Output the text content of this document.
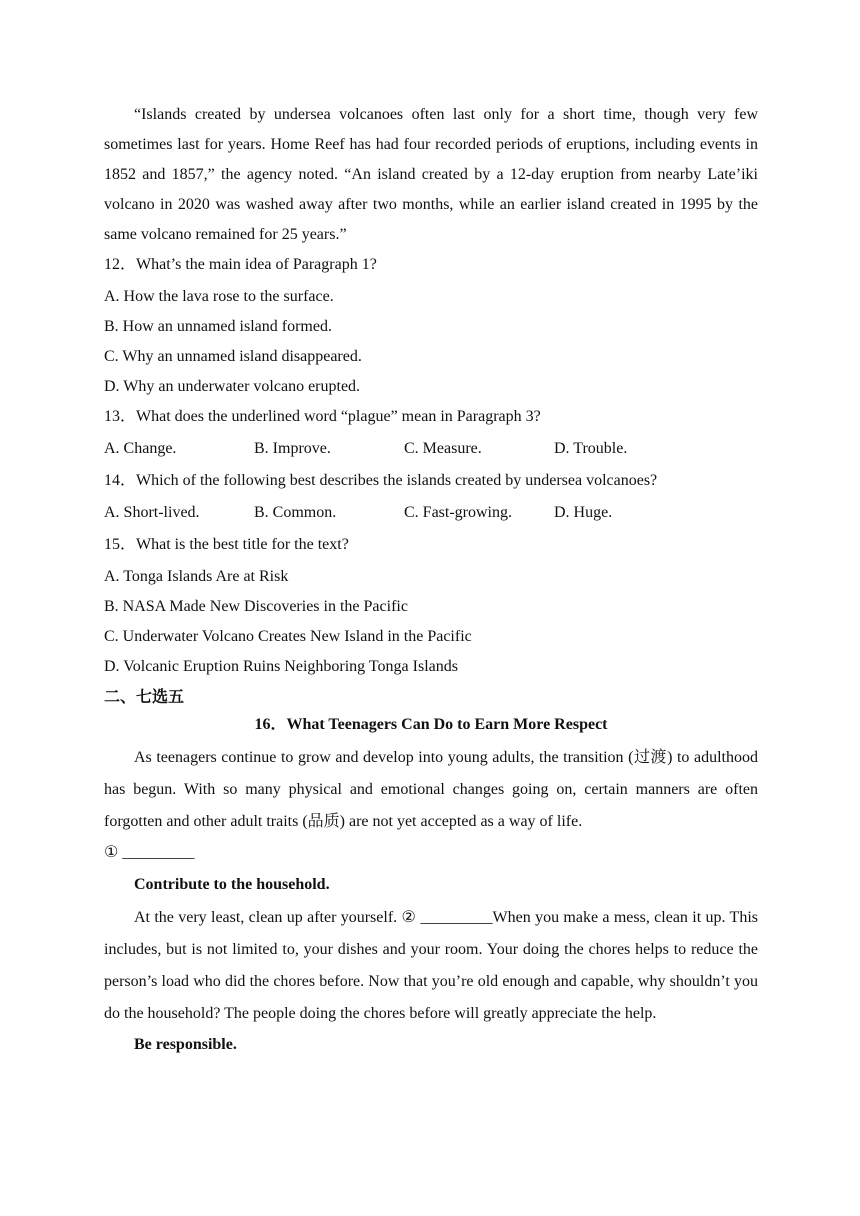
“Islands created by undersea volcanoes often last only for a short time, though very few sometimes last for years. Home Reef has had four recorded periods of eruptions, including events in 1852 and 1857,” the agency noted. “An island created by a 12-day eruption from nearby Late’iki volcano in 2020 was washed away after two months, while an earlier island created in 1995 by the same volcano remained for 25 years.”

12．What’s the main idea of Paragraph 1?

A. How the lava rose to the surface.

B. How an unnamed island formed.

C. Why an unnamed island disappeared.

D. Why an underwater volcano erupted.

13．What does the underlined word “plague” mean in Paragraph 3?

A. Change.	B. Improve.	C. Measure.	D. Trouble.

14．Which of the following best describes the islands created by undersea volcanoes?

A. Short-lived.	B. Common.	C. Fast-growing.	D. Huge.

15．What is the best title for the text?

A. Tonga Islands Are at Risk

B. NASA Made New Discoveries in the Pacific

C. Underwater Volcano Creates New Island in the Pacific

D. Volcanic Eruption Ruins Neighboring Tonga Islands

二、七选五

16．What Teenagers Can Do to Earn More Respect

As teenagers continue to grow and develop into young adults, the transition (过渡) to adulthood has begun. With so many physical and emotional changes going on, certain manners are often forgotten and other adult traits (品质) are not yet accepted as a way of life.

① _________

Contribute to the household.

At the very least, clean up after yourself. ② _________When you make a mess, clean it up. This includes, but is not limited to, your dishes and your room. Your doing the chores helps to reduce the person’s load who did the chores before. Now that you’re old enough and capable, why shouldn’t you do the household? The people doing the chores before will greatly appreciate the help.

Be responsible.
